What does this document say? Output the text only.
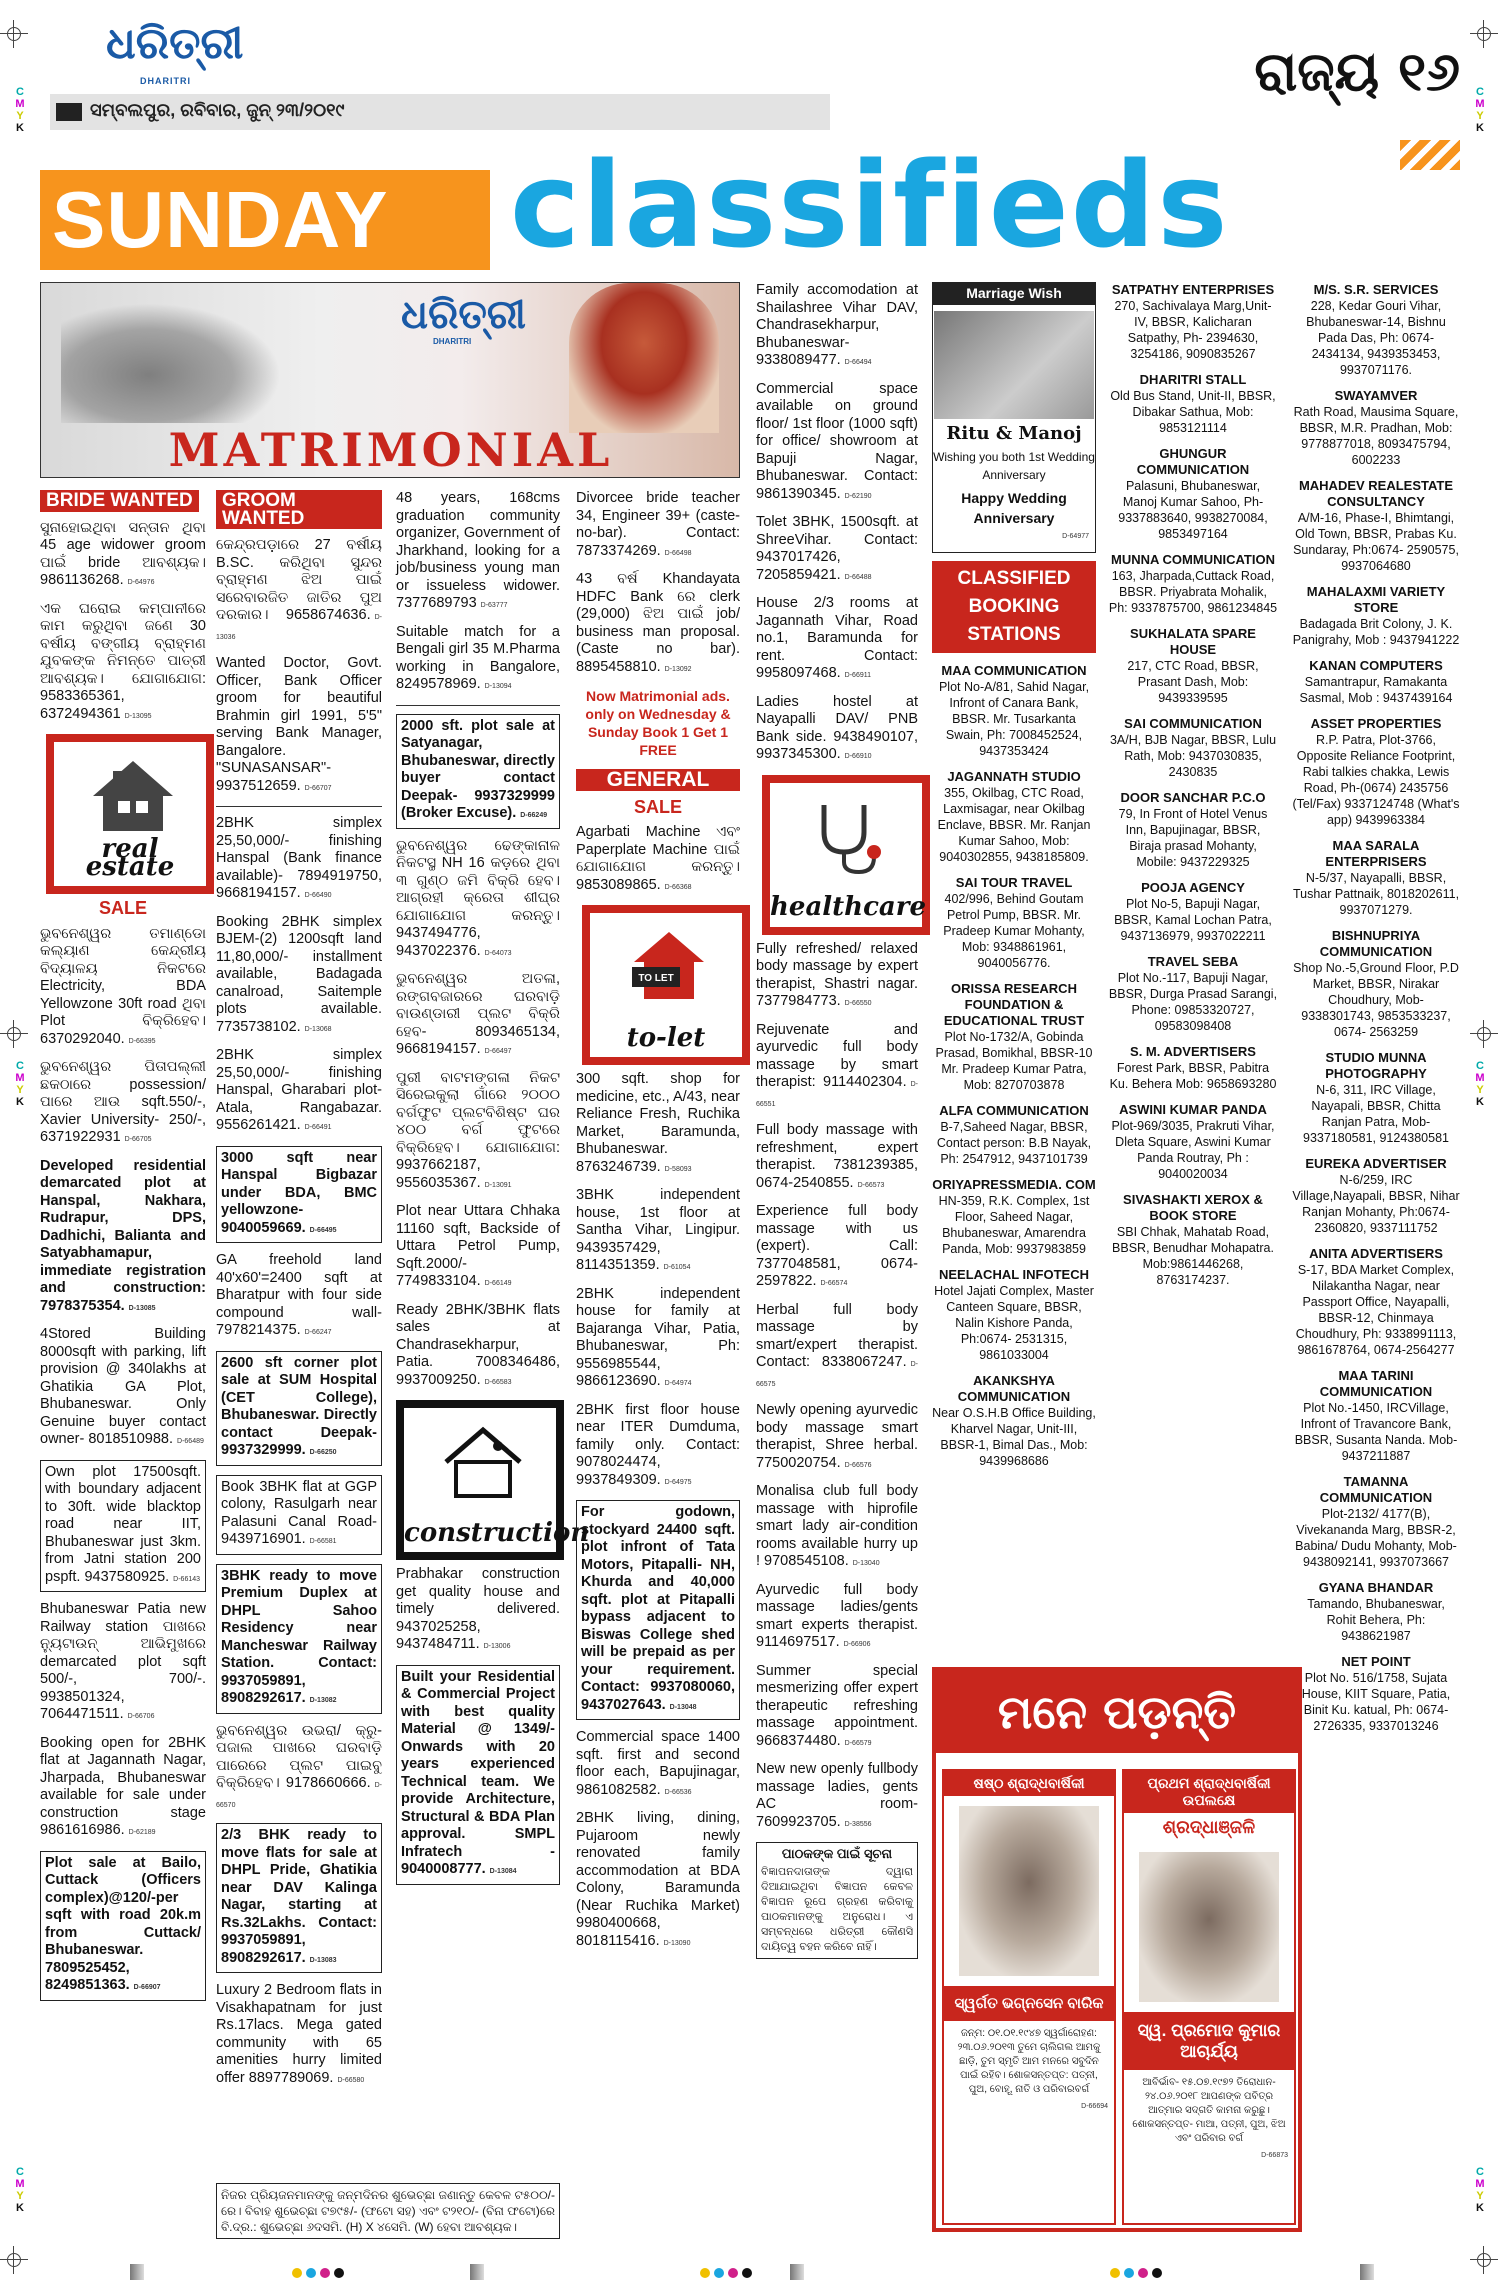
C
M
Y
K
C
M
Y
K
C
M
Y
K
C
M
Y
K
C
M
Y
K
C
M
Y
K
ଧରିତ୍ରୀ
DHARITRI
ସମ୍ବଲପୁର, ରବିବାର, ଜୁନ୍ ୨୩/୨୦୧୯
ରାଜ୍ୟ ୧୬
SUNDAY classifieds
ଧରିତ୍ରୀ
DHARITRI
MATRIMONIAL
BRIDE WANTED

ସୁନାହୋଇଥିବା ସନ୍ତାନ ଥିବା 45 age widower groom ପାଇଁ bride ଆବଶ୍ୟକ। 9861136268. D-64976

ଏକ ଘରୋଇ କମ୍ପାନୀରେ କାମ କରୁଥିବା ଜଣେ 30 ବର୍ଷୀୟ ବଙ୍ଗୀୟ ବ୍ରାହ୍ମଣ ଯୁବକଙ୍କ ନିମନ୍ତେ ପାତ୍ରୀ ଆବଶ୍ୟକ। ଯୋଗାଯୋଗ: 9583365361, 6372494361 D-13095

real estate
SALE

ଭୁବନେଶ୍ୱର ତମାଣ୍ଡୋ କଲ୍ୟାଣ କେନ୍ଦ୍ରୀୟ ବିଦ୍ୟାଳୟ ନିକଟରେ Electricity, BDA Yellowzone 30ft road ଥିବା Plot ବିକ୍ରିହେବ। 6370292040. D-66395

ଭୁବନେଶ୍ୱର ପିତାପଲ୍ଲୀ ଛକଠାରେ possession/ ପାରେ ଆଉ sqft.550/-, Xavier University- 250/-, 6371922931 D-66705

Developed residential demarcated plot at Hanspal, Nakhara, Rudrapur, DPS, Dadhichi, Balianta and Satyabhamapur, immediate registration and construction: 7978375354. D-13085

4Stored Building 8000sqft with parking, lift provision @ 340lakhs at Ghatikia GA Plot, Bhubaneswar. Only Genuine buyer contact owner- 8018510988. D-66489

Own plot 17500sqft. with boundary adjacent to 30ft. wide blacktop road near IIT, Bhubaneswar just 3km. from Jatni station 200 pspft. 9437580925. D-66143

Bhubaneswar Patia new Railway station ପାଖରେ ନ୍ୟୁଟାଉନ୍ ଆଭିମୁଖରେ demarcated plot sqft 500/-, 700/-. 9938501324, 7064471511. D-66706

Booking open for 2BHK flat at Jagannath Nagar, Jharpada, Bhubaneswar available for sale under construction stage 9861616986. D-62189

Plot sale at Bailo, Cuttack (Officers complex)@120/-per sqft with road 20k.m from Cuttack/ Bhubaneswar. 7809525452, 8249851363. D-66907

GROOM WANTED

କେନ୍ଦ୍ରପଡ଼ାରେ 27 ବର୍ଷୀୟ B.SC. କରିଥିବା ସୁନ୍ଦର ବ୍ରାହ୍ମଣ ଝିଅ ପାଇଁ ସରେବାରଜିତ ଜାତିର ପୁଅ ଦରକାର। 9658674636. D-13036

Wanted Doctor, Govt. Officer, Bank Officer groom for beautiful Brahmin girl 1991, 5'5" serving Bank Manager, Bangalore. "SUNASANSAR"- 9937512659. D-66707

2BHK simplex 25,50,000/- finishing Hanspal (Bank finance available)- 7894919750, 9668194157. D-66490

Booking 2BHK simplex BJEM-(2) 1200sqft land 11,80,000/- installment available, Badagada canalroad, Saitemple plots available. 7735738102. D-13068

2BHK simplex 25,50,000/- finishing Hanspal, Gharabari plot-Atala, Rangabazar. 9556261421. D-66491

3000 sqft near Hanspal Bigbazar under BDA, BMC yellowzone- 9040059669. D-66495

GA freehold land 40'x60'=2400 sqft at Bharatpur with four side compound wall- 7978214375. D-66247

2600 sft corner plot sale at SUM Hospital (CET College), Bhubaneswar. Directly contact Deepak- 9937329999. D-66250

Book 3BHK flat at GGP colony, Rasulgarh near Palasuni Canal Road- 9439716901. D-66581

3BHK ready to move Premium Duplex at DHPL Sahoo Residency near Mancheswar Railway Station. Contact: 9937059891, 8908292617. D-13082

ଭୁବନେଶ୍ୱର ଉଭରା/ କ୍ରୁ-ପଜାଲ ପାଖରେ ଘରବାଡ଼ି ପାରେରେ ପ୍ଲଟ ପାଇବୁ ବିକ୍ରିହେବ। 9178660666. D-66570

2/3 BHK ready to move flats for sale at DHPL Pride, Ghatikia near DAV Kalinga Nagar, starting at Rs.32Lakhs. Contact: 9937059891, 8908292617. D-13083

Luxury 2 Bedroom flats in Visakhapatnam for just Rs.17lacs. Mega gated community with 65 amenities hurry limited offer 8897789069. D-66580

48 years, 168cms graduation community organizer, Government of Jharkhand, looking for a job/business young man or issueless widower. 7377689793 D-63777

Suitable match for a Bengali girl 35 M.Pharma working in Bangalore, 8249578969. D-13094

2000 sft. plot sale at Satyanagar, Bhubaneswar, directly buyer contact Deepak- 9937329999 (Broker Excuse). D-66249

ଭୁବନେଶ୍ୱର ଢେଙ୍କାନାଳ ନିକଟସ୍ଥ NH 16 କଡ଼ରେ ଥିବା ୩ ଗୁଣ୍ଠ ଜମି ବିକ୍ରି ହେବ। ଆଗ୍ରହୀ କ୍ରେତା ଶୀଘ୍ର ଯୋଗାଯୋଗ କରନ୍ତୁ। 9437494776, 9437022376. D-64073

ଭୁବନେଶ୍ୱର ଅତଳା, ରଙ୍ଗବଜାରରେ ଘରବାଡ଼ି ବାଉଣ୍ଡାରୀ ପ୍ଲଟ ବିକ୍ରି ହେବ- 8093465134, 9668194157. D-66497

ପୁରୀ ବାଟମଙ୍ଗଳା ନିକଟ ସିରେଇକୁଲା ଗାଁରେ ୨୦୦୦ ବର୍ଗଫୁଟ ପ୍ଲଟବିଶିଷ୍ଟ ଘର ୪୦୦ ବର୍ଗ ଫୁଟରେ ବିକ୍ରିହେବ। ଯୋଗାଯୋଗ: 9937662187, 9556035367. D-13091

Plot near Uttara Chhaka 11160 sqft, Backside of Uttara Petrol Pump, Sqft.2000/- 7749833104. D-66149

Ready 2BHK/3BHK flats sales at Chandrasekharpur, Patia. 7008346486, 9937009250. D-66583

construction

Prabhakar construction get quality house and timely delivered. 9437025258, 9437484711. D-13006

Built your Residential & Commercial Project with best quality Material @ 1349/- Onwards with 20 years experienced Technical team. We provide Architecture, Structural & BDA Plan approval. SMPL Infratech - 9040008777. D-13084

ନିଜର ପ୍ରିୟଜନମାନଙ୍କୁ ଜନ୍ମଦିନର ଶୁଭେଚ୍ଛା ଜଣାନ୍ତୁ କେବଳ ଟ୫୦୦/-ରେ। ବିବାହ ଶୁଭେଚ୍ଛା ଟ୭୯୫/- (ଫଟୋ ସହ) ଏବଂ ଟ୨୧୦/- (ବିନା ଫଟୋ)ରେ ବି.ଦ୍ର.: ଶୁଭେଚ୍ଛା ୬ଦସମି. (H) X ୪ସେମି. (W) ହେବା ଆବଶ୍ୟକ।

Divorcee bride teacher 34, Engineer 39+ (caste-no-bar). Contact: 7873374269. D-66498

43 ବର୍ଷ Khandayata HDFC Bank ରେ clerk (29,000) ଝିଅ ପାଇଁ job/ business man proposal. (Caste no bar). 8895458810. D-13092

Now Matrimonial ads. only on Wednesday & Sunday Book 1 Get 1 FREE
GENERAL
SALE

Agarbati Machine ଏବଂ Paperplate Machine ପାଇଁ ଯୋଗାଯୋଗ କରନ୍ତୁ। 9853089865. D-66368

TO LET
to-let

300 sqft. shop for medicine, etc., A/43, near Reliance Fresh, Ruchika Market, Baramunda, Bhubaneswar. 8763246739. D-58093

3BHK independent house, 1st floor at Santha Vihar, Lingipur. 9439357429, 8114351359. D-61054

2BHK independent house for family at Bajaranga Vihar, Patia, Bhubaneswar, Ph: 9556985544, 9866123690. D-64974

2BHK first floor house near ITER Dumduma, family only. Contact: 9078024474, 9937849309. D-64975

For godown, stockyard 24400 sqft. plot infront of Tata Motors, Pitapalli- NH, Khurda and 40,000 sqft. plot at Pitapalli bypass adjacent to Biswas College shed will be prepaid as per your requirement. Contact: 9937080060, 9437027643. D-13048

Commercial space 1400 sqft. first and second floor each, Bapujinagar, 9861082582. D-66536

2BHK living, dining, Pujaroom newly renovated family accommodation at BDA Colony, Baramunda (Near Ruchika Market) 9980400668, 8018115416. D-13090

Family accomodation at Shailashree Vihar DAV, Chandrasekharpur, Bhubaneswar- 9338089477. D-66494

Commercial space available on ground floor/ 1st floor (1000 sqft) for office/ showroom at Bapuji Nagar, Bhubaneswar. Contact: 9861390345. D-62190

Tolet 3BHK, 1500sqft. at ShreeVihar. Contact: 9437017426, 7205859421. D-66488

House 2/3 rooms at Jagannath Vihar, Road no.1, Baramunda for rent. Contact: 9958097468. D-66911

Ladies hostel at Nayapalli DAV/ PNB Bank side. 9438490107, 9937345300. D-66910

healthcare

Fully refreshed/ relaxed body massage by expert therapist, Shastri nagar. 7377984773. D-66550

Rejuvenate and ayurvedic full body massage by smart therapist: 9114402304. D-66551

Full body massage with refreshment, expert therapist. 7381239385, 0674-2540855. D-66573

Experience full body massage with us (expert). Call: 7377048581, 0674-2597822. D-66574

Herbal full body massage by smart/expert therapist. Contact: 8338067247. D-66575

Newly opening ayurvedic body massage smart therapist, Shree herbal. 7750020754. D-66576

Monalisa club full body massage with hiprofile smart lady air-condition rooms available hurry up ! 9708545108. D-13040

Ayurvedic full body massage ladies/gents smart experts therapist. 9114697517. D-66906

Summer special mesmerizing offer expert therapeutic refreshing massage appointment. 9668374480. D-66579

New new openly fullbody massage ladies, gents AC room- 7609923705. D-38556

ପାଠକଙ୍କ ପାଇଁ ସୂଚନା
ବିଜ୍ଞାପନଦାତାଙ୍କ ଦ୍ୱାରା ଦିଆଯାଇଥିବା ବିଜ୍ଞାପନ କେବଳ ବିଜ୍ଞାପନ ରୂପେ ଗ୍ରହଣ କରିବାକୁ ପାଠକମାନଙ୍କୁ ଅନୁରୋଧ। ଏ ସମ୍ବନ୍ଧରେ ଧରିତ୍ରୀ କୌଣସି ଦାୟିତ୍ୱ ବହନ କରିବେ ନାହିଁ।
Marriage Wish
Ritu & Manoj
Wishing you both 1st Wedding Anniversary
Happy Wedding Anniversary
D-64977
CLASSIFIED BOOKING STATIONS
MAA COMMUNICATION
Plot No-A/81, Sahid Nagar, Infront of Canara Bank, BBSR. Mr. Tusarkanta Swain, Ph: 7008452524, 9437353424
JAGANNATH STUDIO
355, Okilbag, CTC Road, Laxmisagar, near Okilbag Enclave, BBSR. Mr. Ranjan Kumar Sahoo, Mob: 9040302855, 9438185809.
SAI TOUR TRAVEL
402/996, Behind Goutam Petrol Pump, BBSR. Mr. Pradeep Kumar Mohanty, Mob: 9348861961, 9040056776.
ORISSA RESEARCH FOUNDATION & EDUCATIONAL TRUST
Plot No-1732/A, Gobinda Prasad, Bomikhal, BBSR-10 Mr. Pradeep Kumar Patra, Mob: 8270703878
ALFA COMMUNICATION
B-7,Saheed Nagar, BBSR, Contact person: B.B Nayak, Ph: 2547912, 9437101739
ORIYAPRESSMEDIA. COM
HN-359, R.K. Complex, 1st Floor, Saheed Nagar, Bhubaneswar, Amarendra Panda, Mob: 9937983859
NEELACHAL INFOTECH
Hotel Jajati Complex, Master Canteen Square, BBSR, Nalin Kishore Panda, Ph:0674- 2531315, 9861033004
AKANKSHYA COMMUNICATION
Near O.S.H.B Office Building, Kharvel Nagar, Unit-III, BBSR-1, Bimal Das., Mob: 9439968686
SATPATHY ENTERPRISES
270, Sachivalaya Marg,Unit-IV, BBSR, Kalicharan Satpathy, Ph- 2394630, 3254186, 9090835267
DHARITRI STALL
Old Bus Stand, Unit-II, BBSR, Dibakar Sathua, Mob: 9853121114
GHUNGUR COMMUNICATION
Palasuni, Bhubaneswar, Manoj Kumar Sahoo, Ph- 9337883640, 9938270084, 9853497164
MUNNA COMMUNICATION
163, Jharpada,Cuttack Road, BBSR. Priyabrata Mohalik, Ph: 9337875700, 9861234845
SUKHALATA SPARE HOUSE
217, CTC Road, BBSR, Prasant Dash, Mob: 9439339595
SAI COMMUNICATION
3A/H, BJB Nagar, BBSR, Lulu Rath, Mob: 9437030835, 2430835
DOOR SANCHAR P.C.O
79, In Front of Hotel Venus Inn, Bapujinagar, BBSR, Biraja prasad Mohanty, Mobile: 9437229325
POOJA AGENCY
Plot No-5, Bapuji Nagar, BBSR, Kamal Lochan Patra, 9437136979, 9937022211
TRAVEL SEBA
Plot No.-117, Bapuji Nagar, BBSR, Durga Prasad Sarangi, Phone: 09853320727, 09583098408
S. M. ADVERTISERS
Forest Park, BBSR, Pabitra Ku. Behera Mob: 9658693280
ASWINI KUMAR PANDA
Plot-969/3035, Prakruti Vihar, Dleta Square, Aswini Kumar Panda Routray, Ph : 9040020034
SIVASHAKTI XEROX & BOOK STORE
SBI Chhak, Mahatab Road, BBSR, Benudhar Mohapatra. Mob:9861446268, 8763174237.
M/S. S.R. SERVICES
228, Kedar Gouri Vihar, Bhubaneswar-14, Bishnu Pada Das, Ph: 0674- 2434134, 9439353453, 9937071176.
SWAYAMVER
Rath Road, Mausima Square, BBSR, M.R. Pradhan, Mob: 9778877018, 8093475794, 6002233
MAHADEV REALESTATE CONSULTANCY
A/M-16, Phase-I, Bhimtangi, Old Town, BBSR, Prabas Ku. Sundaray, Ph:0674- 2590575, 9937064680
MAHALAXMI VARIETY STORE
Badagada Brit Colony, J. K. Panigrahy, Mob : 9437941222
KANAN COMPUTERS
Samantrapur, Ramakanta Sasmal, Mob : 9437439164
ASSET PROPERTIES
R.P. Patra, Plot-3766, Opposite Reliance Footprint, Rabi talkies chakka, Lewis Road, Ph-(0674) 2435756 (Tel/Fax) 9337124748 (What's app) 9439963384
MAA SARALA ENTERPRISERS
N-5/37, Nayapalli, BBSR, Tushar Pattnaik, 8018202611, 9937071279.
BISHNUPRIYA COMMUNICATION
Shop No.-5,Ground Floor, P.D Market, BBSR, Nirakar Choudhury, Mob- 9338301743, 9853533237, 0674- 2563259
STUDIO MUNNA PHOTOGRAPHY
N-6, 311, IRC Village, Nayapali, BBSR, Chitta Ranjan Patra, Mob-9337180581, 9124380581
EUREKA ADVERTISER
N-6/259, IRC Village,Nayapali, BBSR, Nihar Ranjan Mohanty, Ph:0674-2360820, 9337111752
ANITA ADVERTISERS
S-17, BDA Market Complex, Nilakantha Nagar, near Passport Office, Nayapalli, BBSR-12, Chinmaya Choudhury, Ph: 9338991113, 9861678764, 0674-2564277
MAA TARINI COMMUNICATION
Plot No.-1450, IRCVillage, Infront of Travancore Bank, BBSR, Susanta Nanda. Mob- 9437211887
TAMANNA COMMUNICATION
Plot-2132/ 4177(B), Vivekananda Marg, BBSR-2, Babina/ Dudu Mohanty, Mob-9438092141, 9937073667
GYANA BHANDAR
Tamando, Bhubaneswar, Rohit Behera, Ph: 9438621987
NET POINT
Plot No. 516/1758, Sujata House, KIIT Square, Patia, Binit Ku. katual, Ph: 0674- 2726335, 9337013246
ମନେ ପଡ଼ନ୍ତି
ଷଷ୍ଠ ଶ୍ରାଦ୍ଧବାର୍ଷିକୀ
ସ୍ୱର୍ଗତ ଭଗ୍ନସେନ ବାରିକ
ଜନ୍ମ: ୦୧.୦୧.୧୯୪୭ ସ୍ୱର୍ଗାରୋହଣ: ୨୩.୦୬.୨୦୧୩ ତୁମେ ଚାଲିଗଲ ଆମକୁ ଛାଡ଼ି, ତୁମ ସ୍ମୃତି ଆମ ମନରେ ସବୁଦିନ ପାଇଁ ରହିବ। ଶୋକସନ୍ତପ୍ତ: ପତ୍ନୀ, ପୁଅ, ବୋହୂ, ନାତି ଓ ପରିବାରବର୍ଗ
D-66694
ପ୍ରଥମ ଶ୍ରାଦ୍ଧବାର୍ଷିକୀ ଉପଲକ୍ଷେ
ଶ୍ରଦ୍ଧାଞ୍ଜଳି
ସ୍ୱ. ପ୍ରମୋଦ କୁମାର ଆଚାର୍ଯ୍ୟ
ଆବିର୍ଭାବ- ୧୫.୦୭.୧୯୭୨ ତିରୋଧାନ- ୨୪.୦୬.୨୦୧୮ ଆପଣଙ୍କ ପବିତ୍ର ଆତ୍ମାର ସଦ୍‌ଗତି କାମନା କରୁଛୁ। ଶୋକସନ୍ତପ୍ତ- ମାଆ, ପତ୍ନୀ, ପୁଅ, ଝିଅ ଏବଂ ପରିବାର ବର୍ଗ
D-66873
